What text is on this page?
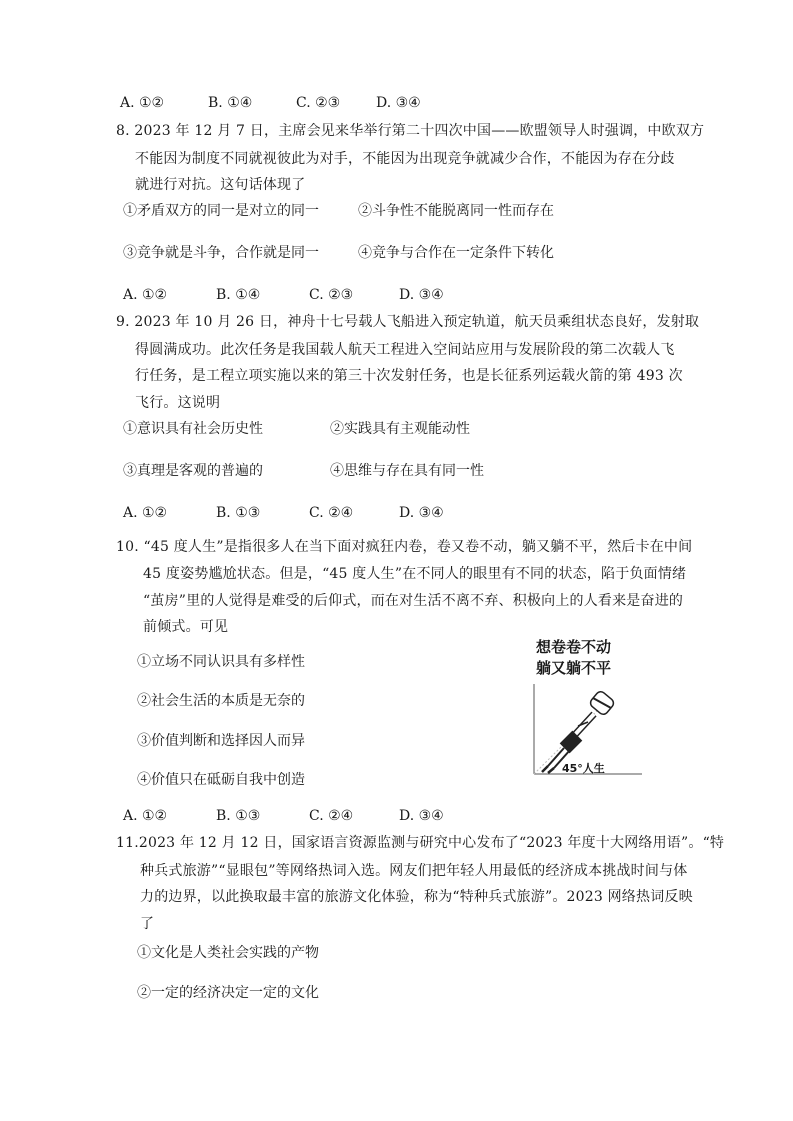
A. ①②	B. ①④	C. ②③	D. ③④
8. 2023 年 12 月 7 日，主席会见来华举行第二十四次中国——欧盟领导人时强调，中欧双方
不能因为制度不同就视彼此为对手，不能因为出现竞争就减少合作，不能因为存在分歧
就进行对抗。这句话体现了
①矛盾双方的同一是对立的同一	②斗争性不能脱离同一性而存在
③竞争就是斗争，合作就是同一	④竞争与合作在一定条件下转化
A. ①②	B. ①④	C. ②③	D. ③④
9. 2023 年 10 月 26 日，神舟十七号载人飞船进入预定轨道，航天员乘组状态良好，发射取
得圆满成功。此次任务是我国载人航天工程进入空间站应用与发展阶段的第二次载人飞
行任务，是工程立项实施以来的第三十次发射任务，也是长征系列运载火箭的第 493 次
飞行。这说明
①意识具有社会历史性	②实践具有主观能动性
③真理是客观的普遍的	④思维与存在具有同一性
A. ①②	B. ①③	C. ②④	D. ③④
10. “45 度人生”是指很多人在当下面对疯狂内卷，卷又卷不动，躺又躺不平，然后卡在中间
45 度姿势尴尬状态。但是，“45 度人生”在不同人的眼里有不同的状态，陷于负面情绪
“茧房”里的人觉得是难受的后仰式，而在对生活不离不弃、积极向上的人看来是奋进的
前倾式。可见
①立场不同认识具有多样性
②社会生活的本质是无奈的
③价值判断和选择因人而异
④价值只在砥砺自我中创造
想卷卷不动
躺又躺不平
45°人生
A. ①②	B. ①③	C. ②④	D. ③④
11.2023 年 12 月 12 日，国家语言资源监测与研究中心发布了“2023 年度十大网络用语”。“特
种兵式旅游”“显眼包”等网络热词入选。网友们把年轻人用最低的经济成本挑战时间与体
力的边界，以此换取最丰富的旅游文化体验，称为“特种兵式旅游”。2023 网络热词反映
了
①文化是人类社会实践的产物
②一定的经济决定一定的文化
